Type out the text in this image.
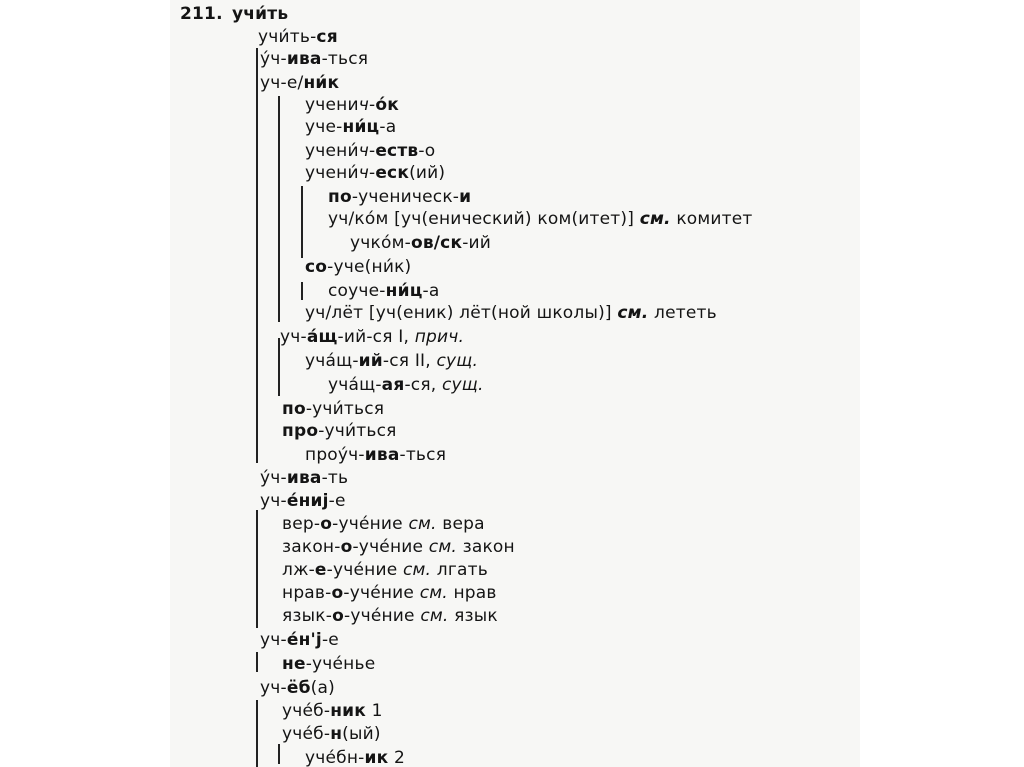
211. учи́ть
учи́ть-ся
у́ч-ива-ться
уч-е/ни́к
ученич-о́к
уче-ни́ц-а
учени́ч-еств-о
учени́ч-еск(ий)
по-ученическ-и
уч/ко́м [уч(енический) ком(итет)] см. комитет
учко́м-ов/ск-ий
со-уче(ни́к)
соуче-ни́ц-а
уч/лёт [уч(еник) лёт(ной школы)] см. лететь
уч-а́щ-ий-ся I, прич.
уча́щ-ий-ся II, сущ.
уча́щ-ая-ся, сущ.
по-учи́ться
про-учи́ться
проу́ч-ива-ться
у́ч-ива-ть
уч-е́ниj-е
вер-о-уче́ние см. вера
закон-о-уче́ние см. закон
лж-е-уче́ние см. лгать
нрав-о-уче́ние см. нрав
язык-о-уче́ние см. язык
уч-е́н'j-е
не-уче́нье
уч-ёб(а)
уче́б-ник 1
уче́б-н(ый)
уче́бн-ик 2
